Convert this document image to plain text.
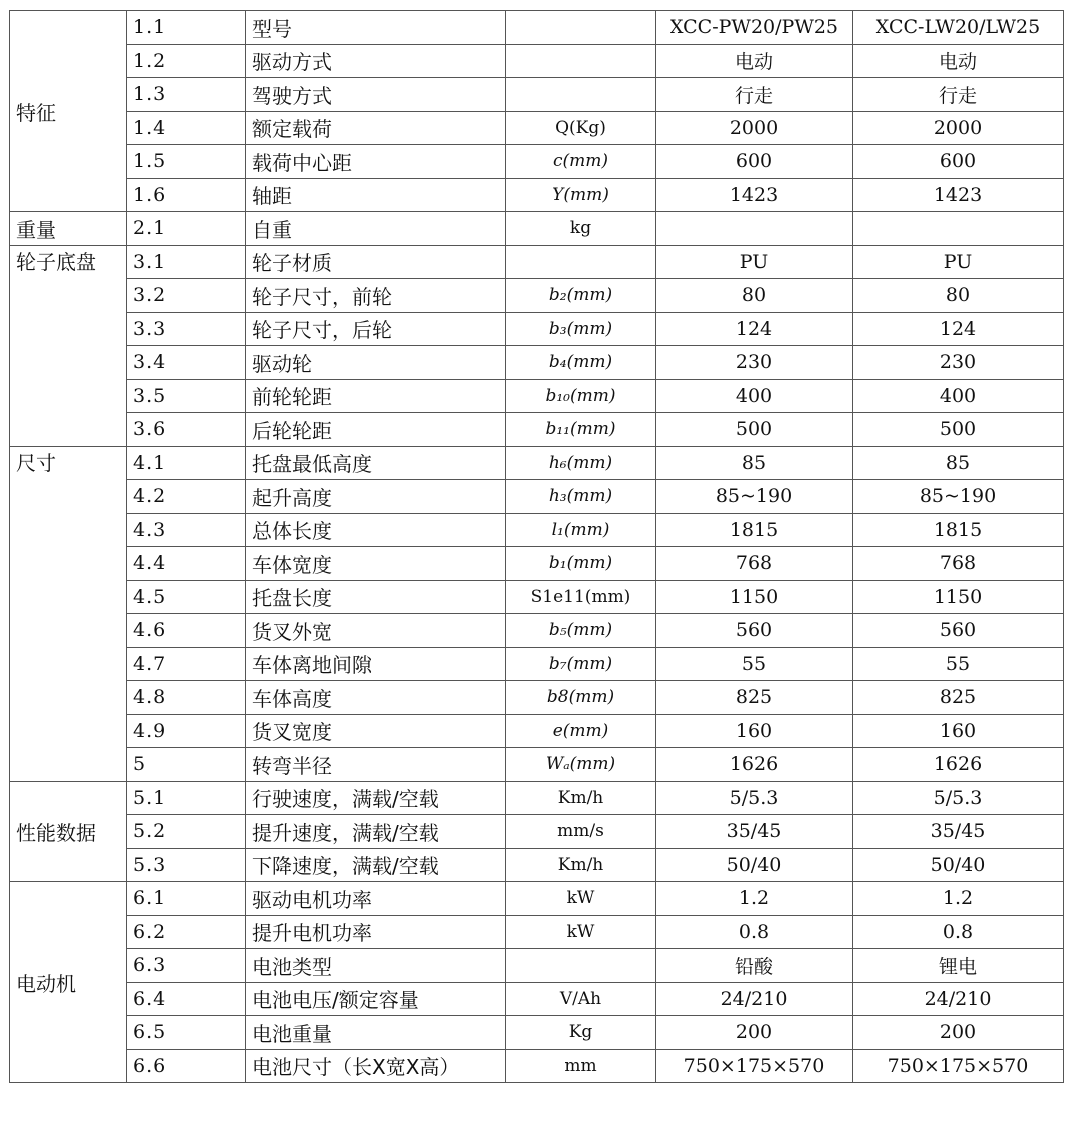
特征	1.1	型号		XCC-PW20/PW25	XCC-LW20/LW25
	1.2	驱动方式		电动	电动
	1.3	驾驶方式		行走	行走
	1.4	额定载荷	Q(Kg)	2000	2000
	1.5	载荷中心距	c(mm)	600	600
	1.6	轴距	Y(mm)	1423	1423
重量	2.1	自重	kg		
轮子底盘	3.1	轮子材质		PU	PU
	3.2	轮子尺寸，前轮	b₂(mm)	80	80
	3.3	轮子尺寸，后轮	b₃(mm)	124	124
	3.4	驱动轮	b₄(mm)	230	230
	3.5	前轮轮距	b₁₀(mm)	400	400
	3.6	后轮轮距	b₁₁(mm)	500	500
尺寸	4.1	托盘最低高度	h₆(mm)	85	85
	4.2	起升高度	h₃(mm)	85~190	85~190
	4.3	总体长度	l₁(mm)	1815	1815
	4.4	车体宽度	b₁(mm)	768	768
	4.5	托盘长度	S1e11(mm)	1150	1150
	4.6	货叉外宽	b₅(mm)	560	560
	4.7	车体离地间隙	b₇(mm)	55	55
	4.8	车体高度	b8(mm)	825	825
	4.9	货叉宽度	e(mm)	160	160
	5	转弯半径	Wₐ(mm)	1626	1626
性能数据	5.1	行驶速度，满载/空载	Km/h	5/5.3	5/5.3
	5.2	提升速度，满载/空载	mm/s	35/45	35/45
	5.3	下降速度，满载/空载	Km/h	50/40	50/40
电动机	6.1	驱动电机功率	kW	1.2	1.2
	6.2	提升电机功率	kW	0.8	0.8
	6.3	电池类型		铅酸	锂电
	6.4	电池电压/额定容量	V/Ah	24/210	24/210
	6.5	电池重量	Kg	200	200
	6.6	电池尺寸（长X宽X高）	mm	750×175×570	750×175×570
